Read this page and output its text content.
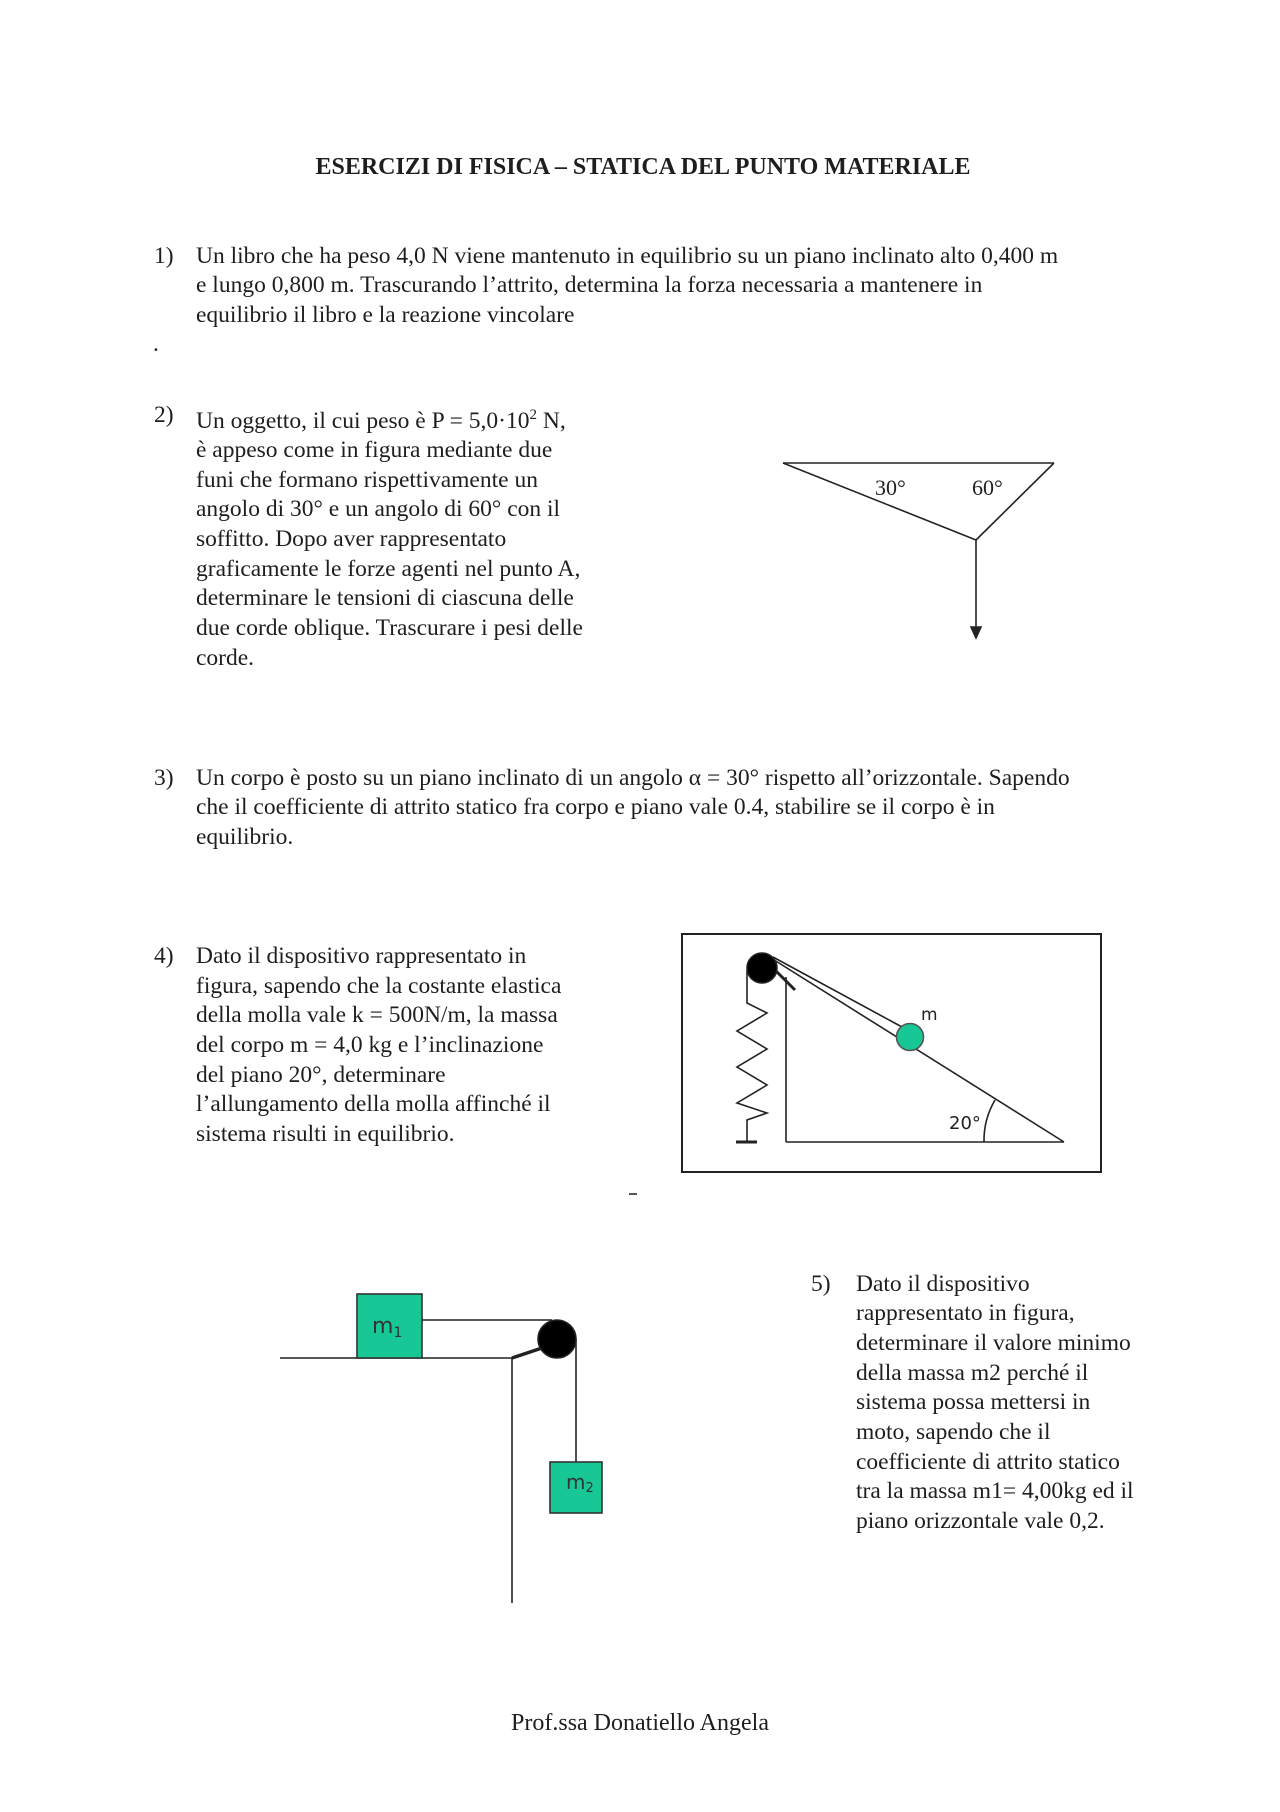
ESERCIZI DI FISICA – STATICA DEL PUNTO MATERIALE
1) Un libro che ha peso 4,0 N viene mantenuto in equilibrio su un piano inclinato alto 0,400 m
e lungo 0,800 m. Trascurando l’attrito, determina la forza necessaria a mantenere in
equilibrio il libro e la reazione vincolare
.
2) Un oggetto, il cui peso è $P = 5,0\cdot 10^2$ N,
è appeso come in figura mediante due
funi che formano rispettivamente un
angolo di 30° e un angolo di 60° con il
soffitto. Dopo aver rappresentato
graficamente le forze agenti nel punto A,
determinare le tensioni di ciascuna delle
due corde oblique. Trascurare i pesi delle
corde.
3) Un corpo è posto su un piano inclinato di un angolo α = 30° rispetto all’orizzontale. Sapendo
che il coefficiente di attrito statico fra corpo e piano vale 0.4, stabilire se il corpo è in
equilibrio.
4) Dato il dispositivo rappresentato in
figura, sapendo che la costante elastica
della molla vale k = 500N/m, la massa
del corpo m = 4,0 kg e l’inclinazione
del piano 20°, determinare
l’allungamento della molla affinché il
sistema risulti in equilibrio.
5) Dato il dispositivo
rappresentato in figura,
determinare il valore minimo
della massa m2 perché il
sistema possa mettersi in
moto, sapendo che il
coefficiente di attrito statico
tra la massa m1= 4,00kg ed il
piano orizzontale vale 0,2.
30°	60°
m
20°
m1
m2
Prof.ssa Donatiello Angela
